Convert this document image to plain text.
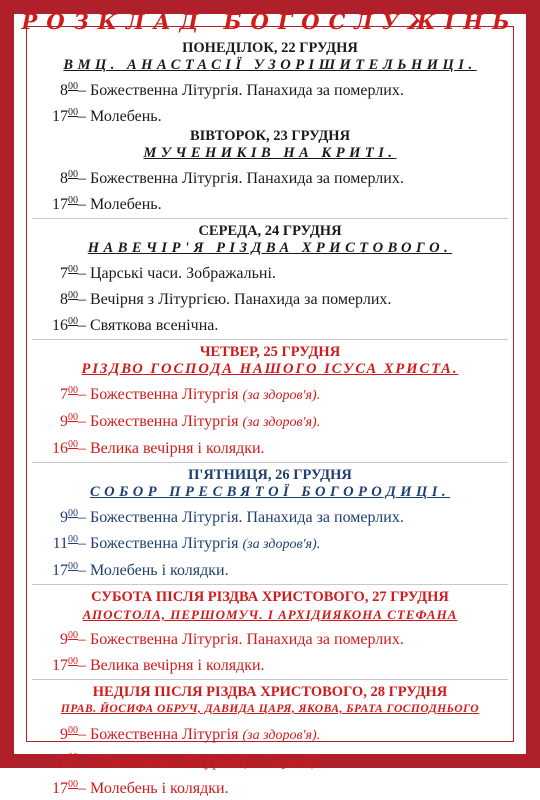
РОЗКЛАД БОГОСЛУЖІНЬ
ПОНЕДІЛОК, 22 ГРУДНЯ
ВМЦ. АНАСТАСІЇ УЗОРІШИТЕЛЬНИЦІ.
$8^{00}-$ Божественна Літургія. Панахида за померлих.
$17^{00}-$ Молебень.
ВІВТОРОК, 23 ГРУДНЯ
МУЧЕНИКІВ НА КРИТІ.
$8^{00}-$ Божественна Літургія. Панахида за померлих.
$17^{00}-$ Молебень.
СЕРЕДА, 24 ГРУДНЯ
НАВЕЧІР'Я РІЗДВА ХРИСТОВОГО.
$7^{00}-$ Царські часи. Зображальні.
$8^{00}-$ Вечірня з Літургією. Панахида за померлих.
$16^{00}-$ Святкова всенічна.
ЧЕТВЕР, 25 ГРУДНЯ
РІЗДВО ГОСПОДА НАШОГО ІСУСА ХРИСТА.
$7^{00}-$ Божественна Літургія (за здоров'я).
$9^{00}-$ Божественна Літургія (за здоров'я).
$16^{00}-$ Велика вечірня і колядки.
П'ЯТНИЦЯ, 26 ГРУДНЯ
СОБОР ПРЕСВЯТОЇ БОГОРОДИЦІ.
$9^{00}-$ Божественна Літургія. Панахида за померлих.
$11^{00}-$ Божественна Літургія (за здоров'я).
$17^{00}-$ Молебень і колядки.
СУБОТА ПІСЛЯ РІЗДВА ХРИСТОВОГО, 27 ГРУДНЯ
АПОСТОЛА, ПЕРШОМУЧ. І АРХІДИЯКОНА СТЕФАНА
$9^{00}-$ Божественна Літургія. Панахида за померлих.
$17^{00}-$ Велика вечірня і колядки.
НЕДІЛЯ ПІСЛЯ РІЗДВА ХРИСТОВОГО, 28 ГРУДНЯ
ПРАВ. ЙОСИФА ОБРУЧ, ДАВИДА ЦАРЯ, ЯКОВА, БРАТА ГОСПОДНЬОГО
$9^{00}-$ Божественна Літургія (за здоров'я).
$11^{00}-$ Божественна Літургія (за здоров'я).
$17^{00}-$ Молебень і колядки.
